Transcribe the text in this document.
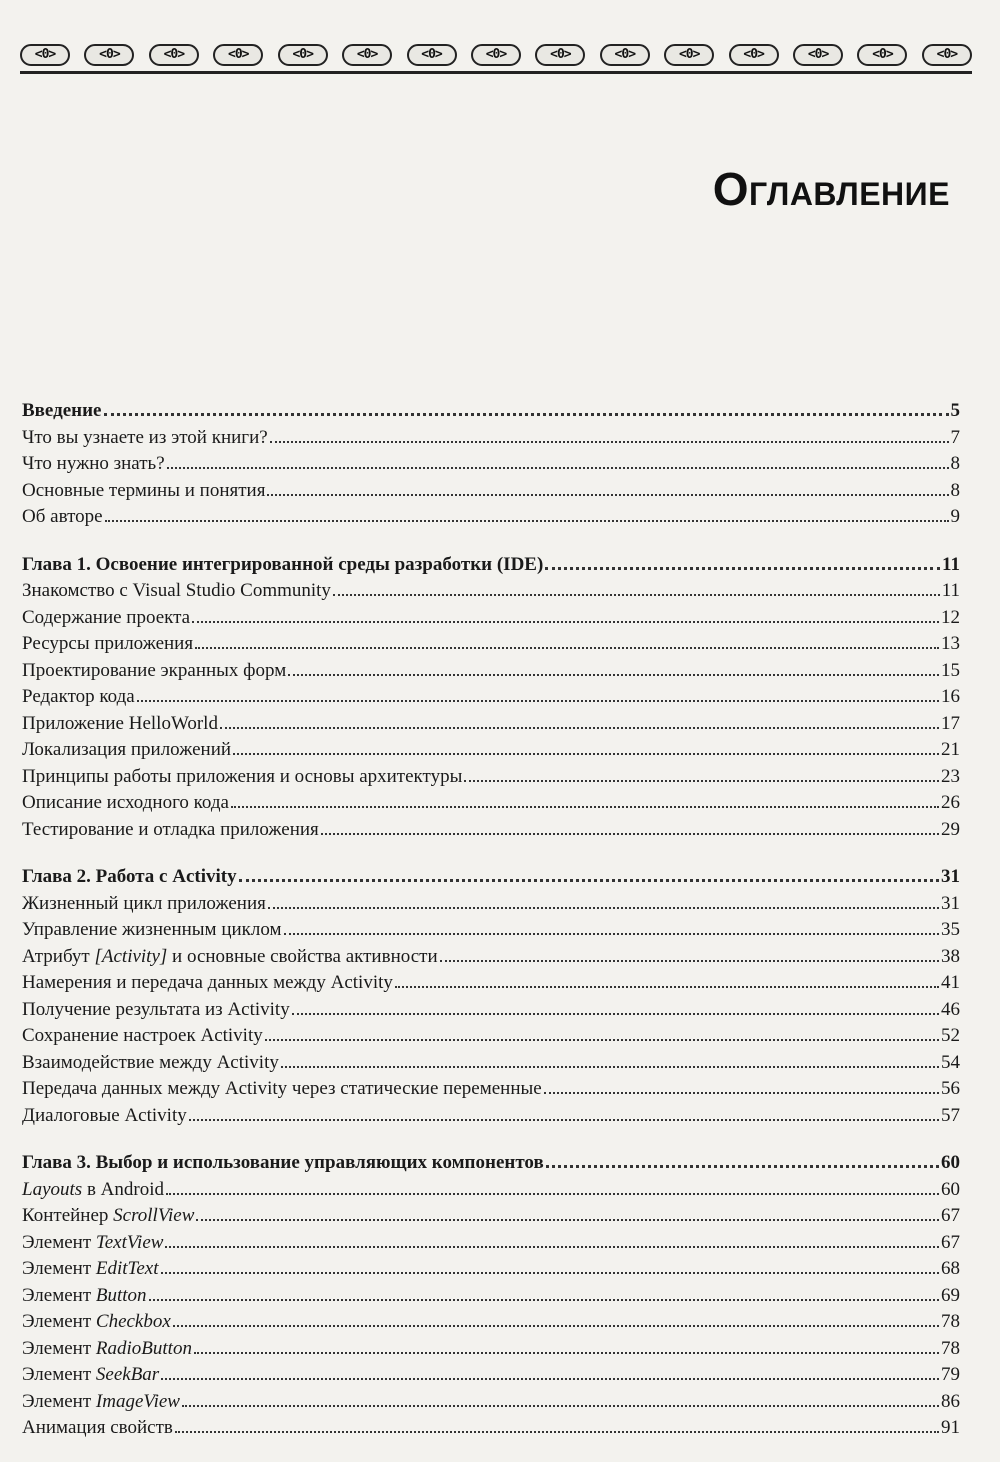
<0>	<0>	<0>	<0>	<0>	<0>	<0>	<0>	<0>	<0>	<0>	<0>	<0>	<0>	<0>
Оглавление
Введение	5
Что вы узнаете из этой книги?	7
Что нужно знать?	8
Основные термины и понятия	8
Об авторе	9
Глава 1. Освоение интегрированной среды разработки (IDE)	11
Знакомство с Visual Studio Community	11
Содержание проекта	12
Ресурсы приложения	13
Проектирование экранных форм	15
Редактор кода	16
Приложение HelloWorld	17
Локализация приложений	21
Принципы работы приложения и основы архитектуры	23
Описание исходного кода	26
Тестирование и отладка приложения	29
Глава 2. Работа с Activity	31
Жизненный цикл приложения	31
Управление жизненным циклом	35
Атрибут [Activity] и основные свойства активности	38
Намерения и передача данных между Activity	41
Получение результата из Activity	46
Сохранение настроек Activity	52
Взаимодействие между Activity	54
Передача данных между Activity через статические переменные	56
Диалоговые Activity	57
Глава 3. Выбор и использование управляющих компонентов	60
Layouts в Android	60
Контейнер ScrollView	67
Элемент TextView	67
Элемент EditText	68
Элемент Button	69
Элемент Checkbox	78
Элемент RadioButton	78
Элемент SeekBar	79
Элемент ImageView	86
Анимация свойств	91
